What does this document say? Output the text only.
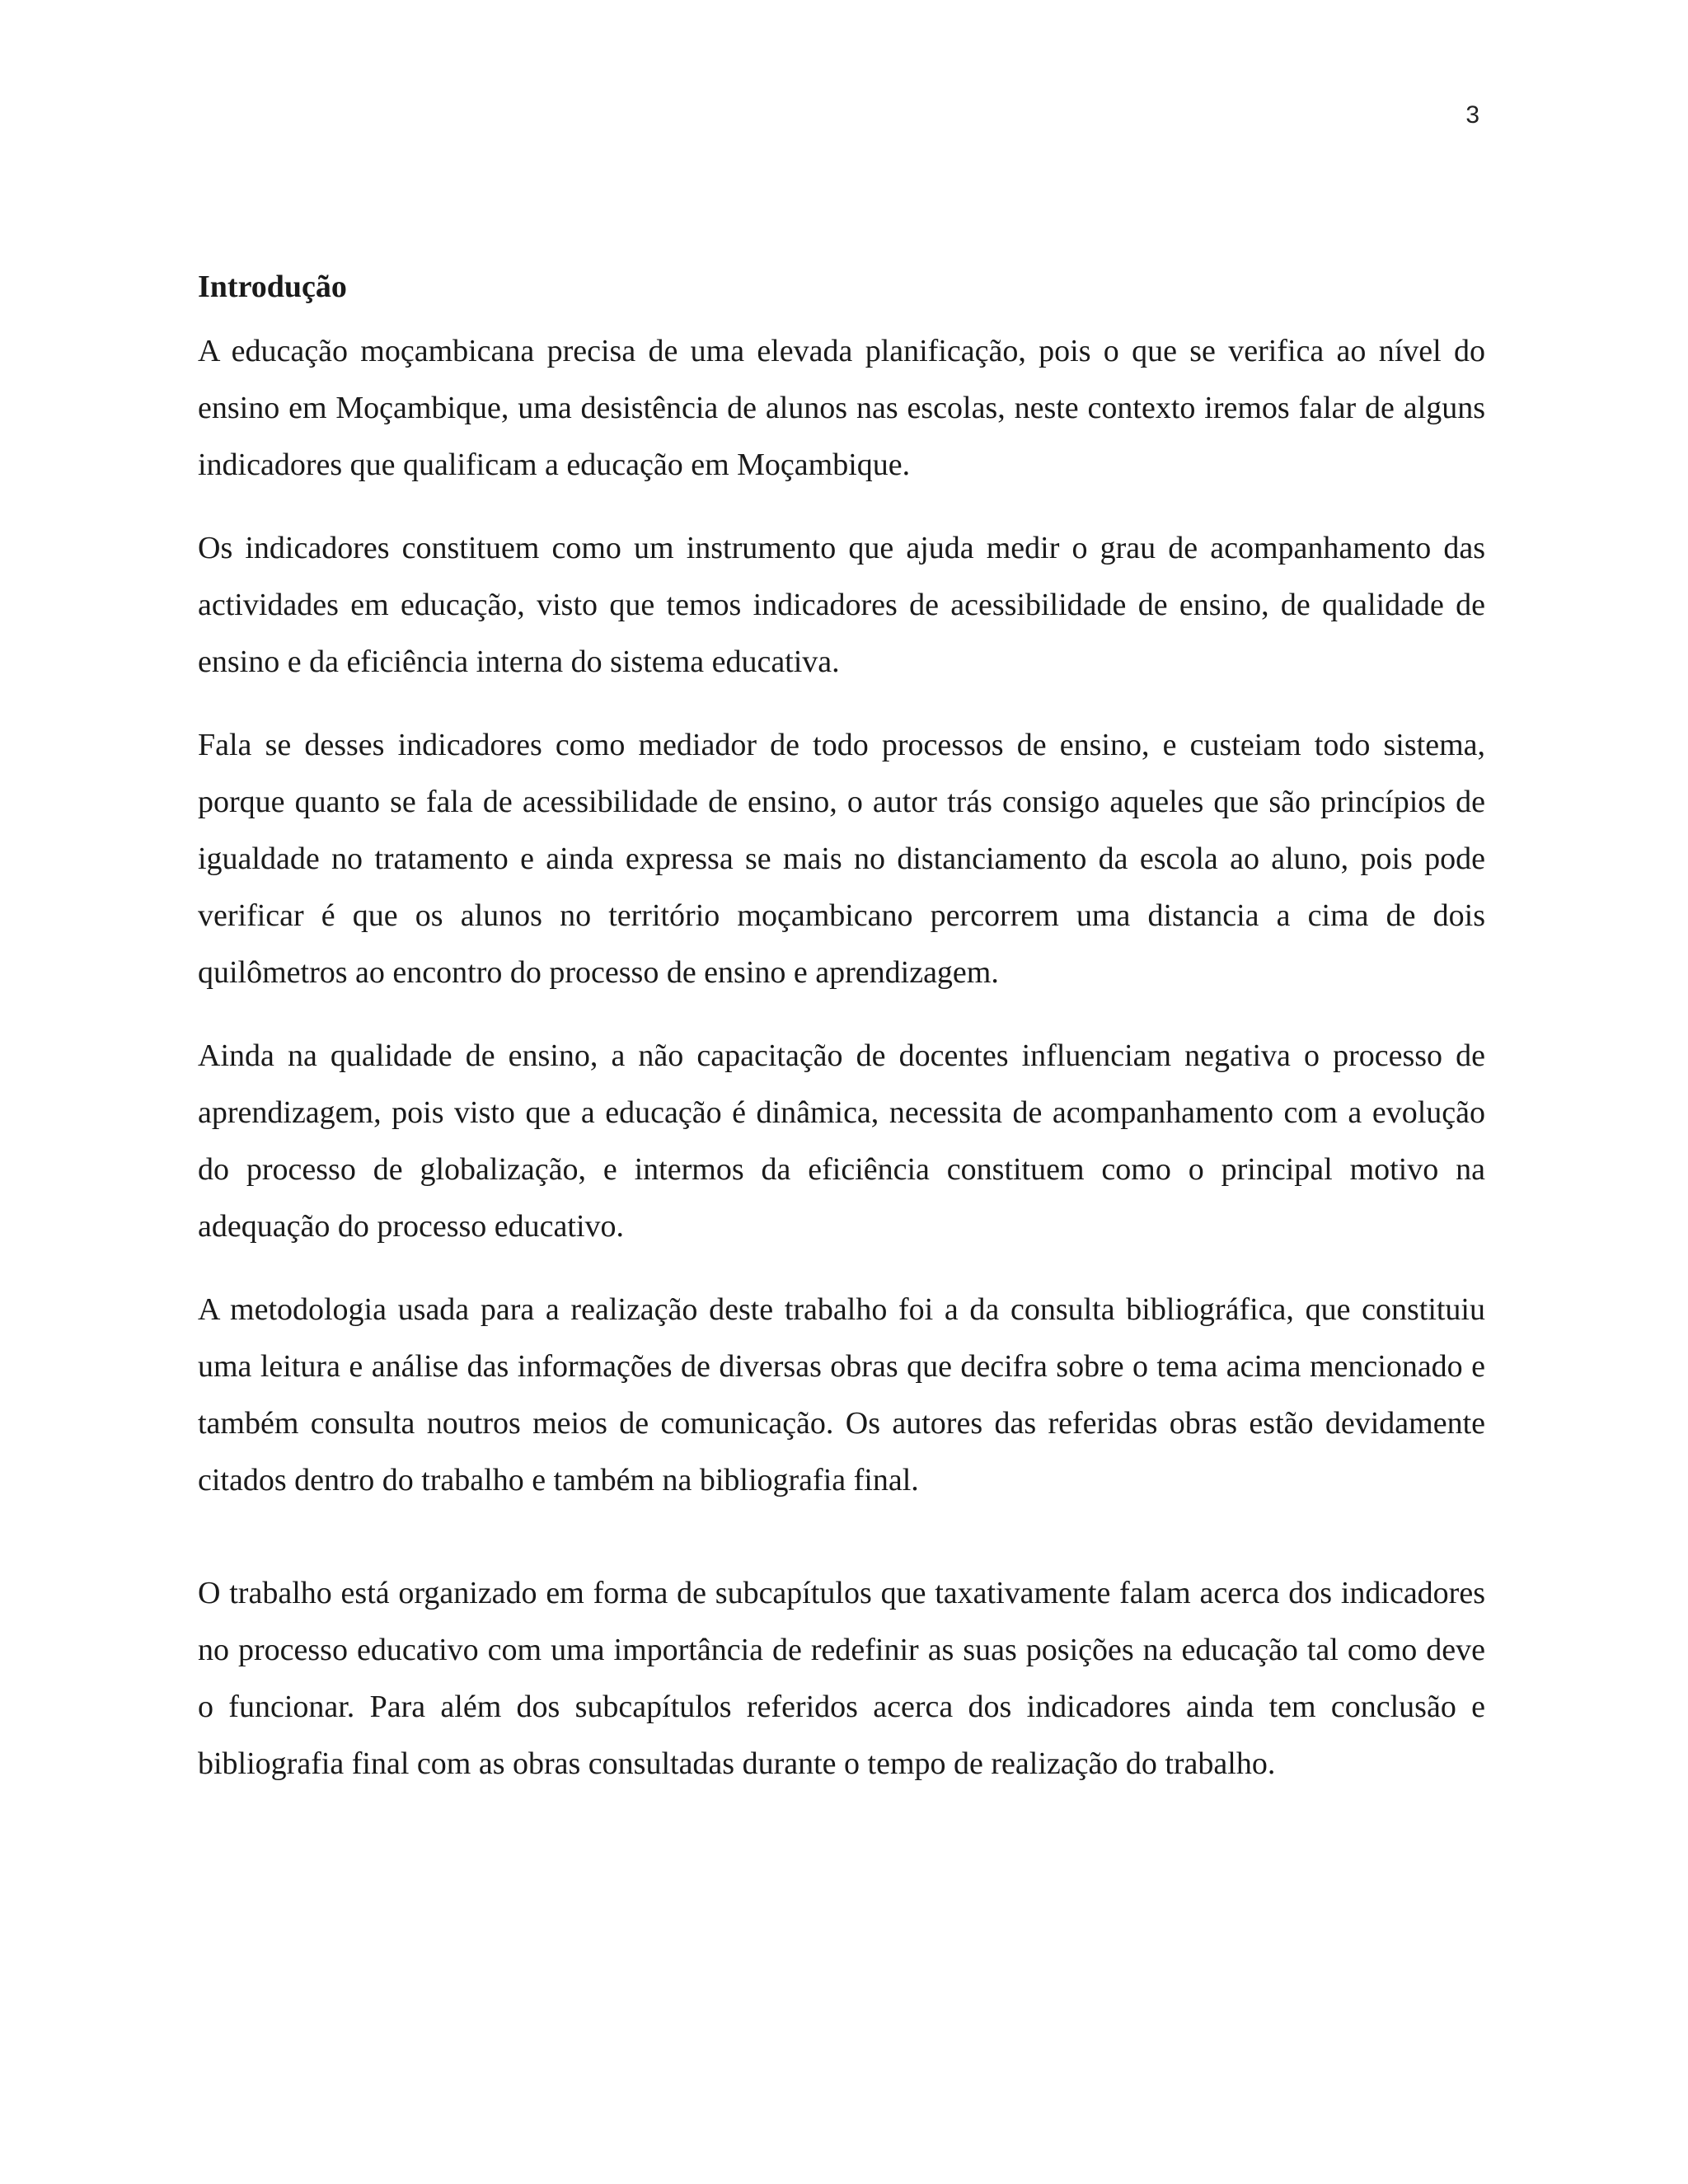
3
Introdução

A educação moçambicana precisa de uma elevada planificação, pois o que se verifica ao nível do ensino em Moçambique, uma desistência de alunos nas escolas, neste contexto iremos falar de alguns indicadores que qualificam a educação em Moçambique.

Os indicadores constituem como um instrumento que ajuda medir o grau de acompanhamento das actividades em educação, visto que temos indicadores de acessibilidade de ensino, de qualidade de ensino e da eficiência interna do sistema educativa.

Fala se desses indicadores como mediador de todo processos de ensino, e custeiam todo sistema, porque quanto se fala de acessibilidade de ensino, o autor trás consigo aqueles que são princípios de igualdade no tratamento e ainda expressa se mais no distanciamento da escola ao aluno, pois pode verificar é que os alunos no território moçambicano percorrem uma distancia a cima de dois quilômetros ao encontro do processo de ensino e aprendizagem.

Ainda na qualidade de ensino, a não capacitação de docentes influenciam negativa o processo de aprendizagem, pois visto que a educação é dinâmica, necessita de acompanhamento com a evolução do processo de globalização, e intermos da eficiência constituem como o principal motivo na adequação do processo educativo.

A metodologia usada para a realização deste trabalho foi a da consulta bibliográfica, que constituiu uma leitura e análise das informações de diversas obras que decifra sobre o tema acima mencionado e também consulta noutros meios de comunicação. Os autores das referidas obras estão devidamente citados dentro do trabalho e também na bibliografia final.

O trabalho está organizado em forma de subcapítulos que taxativamente falam acerca dos indicadores no processo educativo com uma importância de redefinir as suas posições na educação tal como deve o funcionar. Para além dos subcapítulos referidos acerca dos indicadores ainda tem conclusão e bibliografia final com as obras consultadas durante o tempo de realização do trabalho.
